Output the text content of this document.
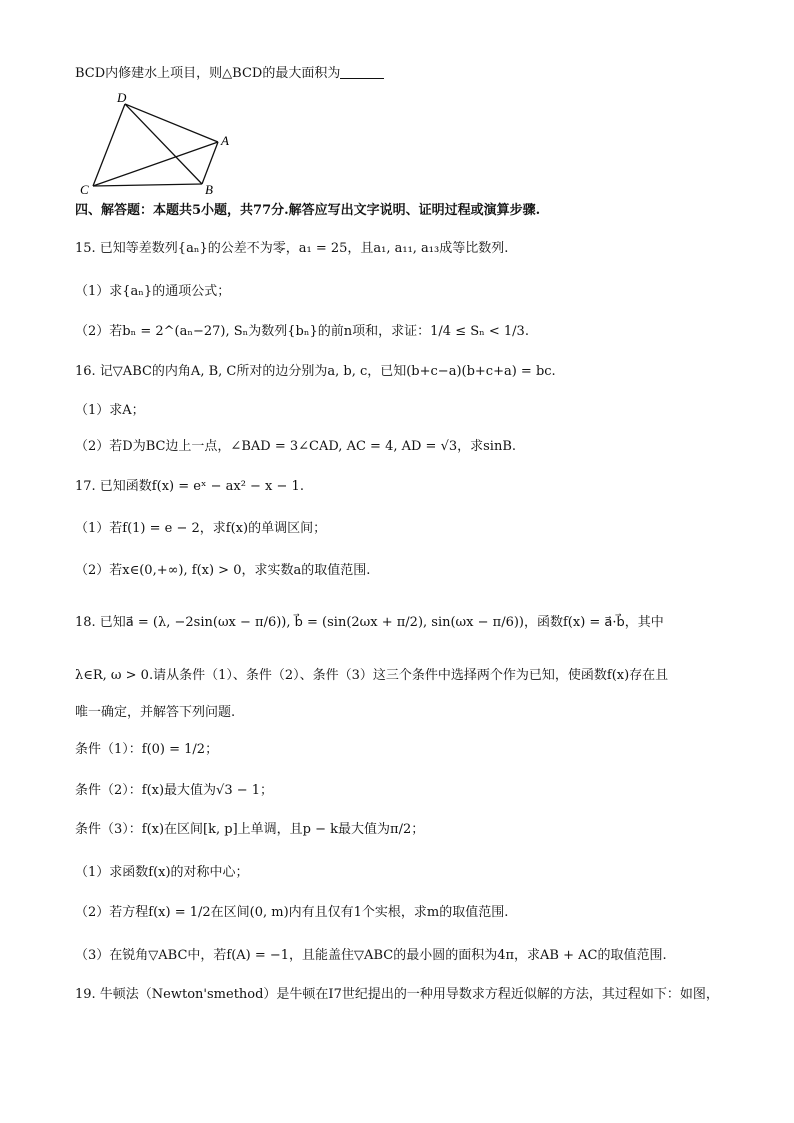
BCD内修建水上项目，则△BCD的最大面积为
D
A
C	B
四、解答题：本题共5小题，共77分.解答应写出文字说明、证明过程或演算步骤.
15. 已知等差数列{aₙ}的公差不为零，a₁ = 25，且a₁, a₁₁, a₁₃成等比数列.
（1）求{aₙ}的通项公式；
（2）若bₙ = 2^(aₙ−27), Sₙ为数列{bₙ}的前n项和，求证：1/4 ≤ Sₙ < 1/3.
16. 记▽ABC的内角A, B, C所对的边分别为a, b, c，已知(b+c−a)(b+c+a) = bc.
（1）求A；
（2）若D为BC边上一点，∠BAD = 3∠CAD, AC = 4, AD = √3，求sinB.
17. 已知函数f(x) = eˣ − ax² − x − 1.
（1）若f(1) = e − 2，求f(x)的单调区间；
（2）若x∈(0,+∞), f(x) > 0，求实数a的取值范围.
18. 已知a⃗ = (λ, −2sin(ωx − π/6)), b⃗ = (sin(2ωx + π/2), sin(ωx − π/6))，函数f(x) = a⃗·b⃗，其中
λ∈R, ω > 0.请从条件（1）、条件（2）、条件（3）这三个条件中选择两个作为已知，使函数f(x)存在且
唯一确定，并解答下列问题.
条件（1）：f(0) = 1/2；
条件（2）：f(x)最大值为√3 − 1；
条件（3）：f(x)在区间[k, p]上单调，且p − k最大值为π/2；
（1）求函数f(x)的对称中心；
（2）若方程f(x) = 1/2在区间(0, m)内有且仅有1个实根，求m的取值范围.
（3）在锐角▽ABC中，若f(A) = −1，且能盖住▽ABC的最小圆的面积为4π，求AB + AC的取值范围.
19. 牛顿法（Newton'smethod）是牛顿在I7世纪提出的一种用导数求方程近似解的方法，其过程如下：如图，
